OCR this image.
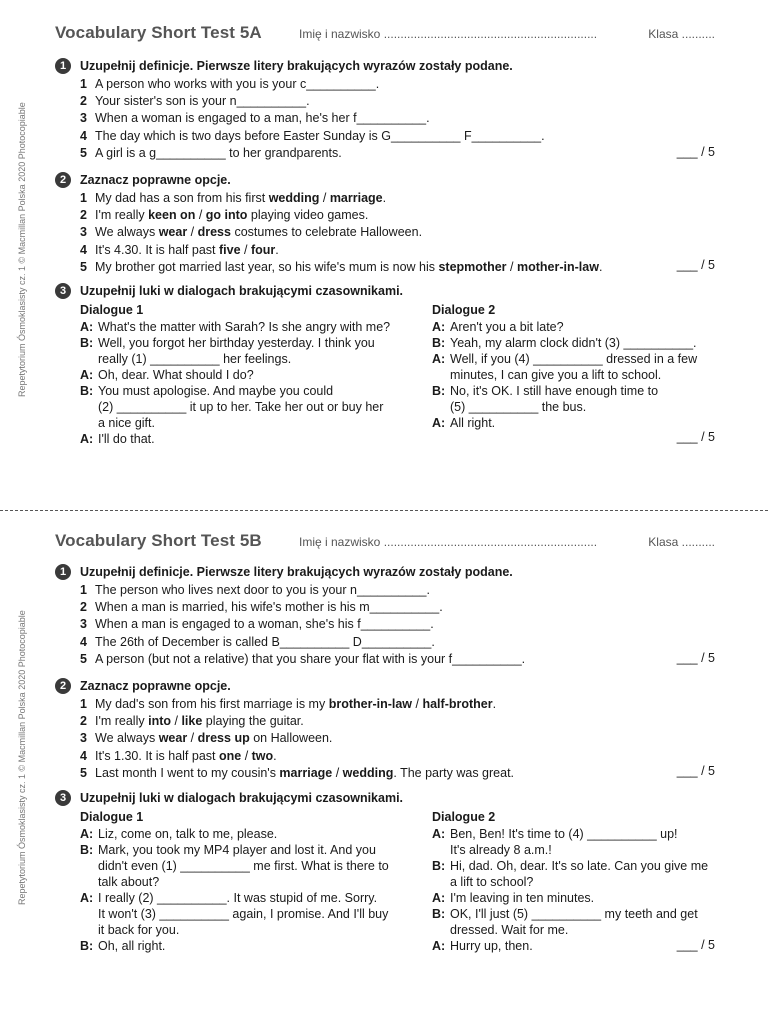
Repetytorium Ósmoklasisty cz. 1 © Macmillan Polska 2020 Photocopiable
Vocabulary Short Test 5A	Imię i nazwisko ................................................................	Klasa ..........
1	Uzupełnij definicje. Pierwsze litery brakujących wyrazów zostały podane.
1 A person who works with you is your c__________.
2 Your sister's son is your n__________.
3 When a woman is engaged to a man, he's her f__________.
4 The day which is two days before Easter Sunday is G__________ F__________.
5 A girl is a g__________ to her grandparents.	___ / 5
2	Zaznacz poprawne opcje.
1 My dad has a son from his first wedding / marriage.
2 I'm really keen on / go into playing video games.
3 We always wear / dress costumes to celebrate Halloween.
4 It's 4.30. It is half past five / four.
5 My brother got married last year, so his wife's mum is now his stepmother / mother-in-law.	___ / 5
3	Uzupełnij luki w dialogach brakującymi czasownikami.
Dialogue 1
A: What's the matter with Sarah? Is she angry with me?
B: Well, you forgot her birthday yesterday. I think you
really (1) __________ her feelings.
A: Oh, dear. What should I do?
B: You must apologise. And maybe you could
(2) __________ it up to her. Take her out or buy her
a nice gift.
A: I'll do that.
Dialogue 2
A: Aren't you a bit late?
B: Yeah, my alarm clock didn't (3) __________.
A: Well, if you (4) __________ dressed in a few
minutes, I can give you a lift to school.
B: No, it's OK. I still have enough time to
(5) __________ the bus.
A: All right.
___ / 5
Repetytorium Ósmoklasisty cz. 1 © Macmillan Polska 2020 Photocopiable
Vocabulary Short Test 5B	Imię i nazwisko ................................................................	Klasa ..........
1	Uzupełnij definicje. Pierwsze litery brakujących wyrazów zostały podane.
1 The person who lives next door to you is your n__________.
2 When a man is married, his wife's mother is his m__________.
3 When a man is engaged to a woman, she's his f__________.
4 The 26th of December is called B__________ D__________.
5 A person (but not a relative) that you share your flat with is your f__________.	___ / 5
2	Zaznacz poprawne opcje.
1 My dad's son from his first marriage is my brother-in-law / half-brother.
2 I'm really into / like playing the guitar.
3 We always wear / dress up on Halloween.
4 It's 1.30. It is half past one / two.
5 Last month I went to my cousin's marriage / wedding. The party was great.	___ / 5
3	Uzupełnij luki w dialogach brakującymi czasownikami.
Dialogue 1
A: Liz, come on, talk to me, please.
B: Mark, you took my MP4 player and lost it. And you
didn't even (1) __________ me first. What is there to
talk about?
A: I really (2) __________. It was stupid of me. Sorry.
It won't (3) __________ again, I promise. And I'll buy
it back for you.
B: Oh, all right.
Dialogue 2
A: Ben, Ben! It's time to (4) __________ up!
It's already 8 a.m.!
B: Hi, dad. Oh, dear. It's so late. Can you give me
a lift to school?
A: I'm leaving in ten minutes.
B: OK, I'll just (5) __________ my teeth and get
dressed. Wait for me.
A: Hurry up, then.	___ / 5
